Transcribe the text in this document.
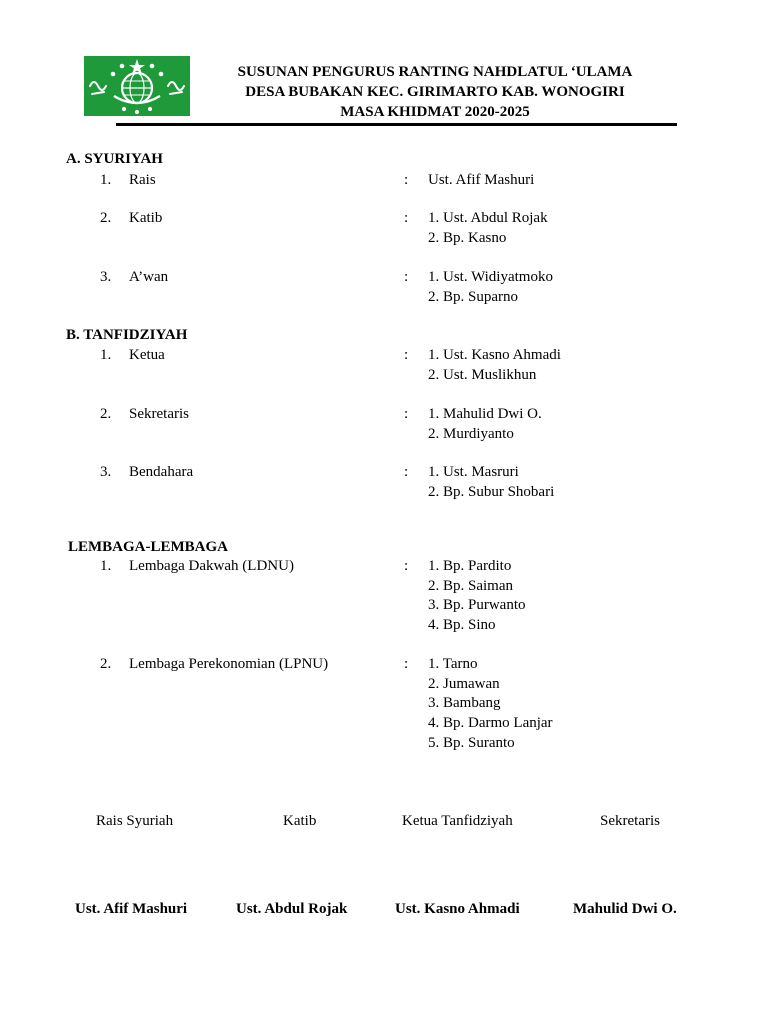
SUSUNAN PENGURUS RANTING NAHDLATUL ‘ULAMA
DESA BUBAKAN KEC. GIRIMARTO KAB. WONOGIRI
MASA KHIDMAT 2020-2025
A. SYURIYAH
1. Rais	: Ust. Afif Mashuri
2. Katib	: 1. Ust. Abdul Rojak
2. Bp. Kasno
3. A’wan	: 1. Ust. Widiyatmoko
2. Bp. Suparno
B. TANFIDZIYAH
1. Ketua	: 1. Ust. Kasno Ahmadi
2. Ust. Muslikhun
2. Sekretaris	: 1. Mahulid Dwi O.
2. Murdiyanto
3. Bendahara	: 1. Ust. Masruri
2. Bp. Subur Shobari
LEMBAGA-LEMBAGA
1. Lembaga Dakwah (LDNU)	: 1. Bp. Pardito
2. Bp. Saiman
3. Bp. Purwanto
4. Bp. Sino
2. Lembaga Perekonomian (LPNU)	: 1. Tarno
2. Jumawan
3. Bambang
4. Bp. Darmo Lanjar
5. Bp. Suranto
Rais Syuriah	Katib	Ketua Tanfidziyah	Sekretaris
Ust. Afif Mashuri	Ust. Abdul Rojak	Ust. Kasno Ahmadi	Mahulid Dwi O.
